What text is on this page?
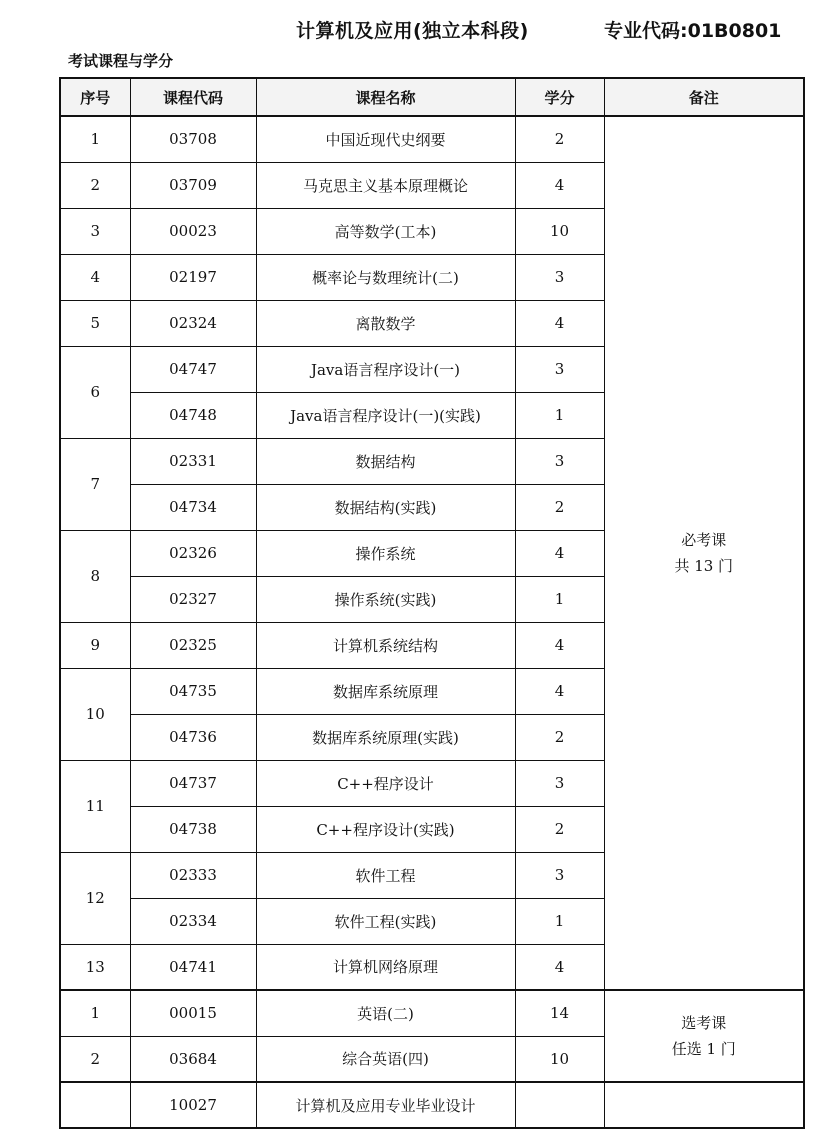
计算机及应用(独立本科段)	专业代码:01B0801
考试课程与学分
序号	课程代码	课程名称	学分	备注
1	03708	中国近现代史纲要	2	必考课
共 13 门

2	03709	马克思主义基本原理概论	4	
3	00023	高等数学(工本)	10	
4	02197	概率论与数理统计(二)	3	
5	02324	离散数学	4	
6	04747	Java语言程序设计(一)	3	
	04748	Java语言程序设计(一)(实践)	1	
7	02331	数据结构	3	
	04734	数据结构(实践)	2	
8	02326	操作系统	4	
	02327	操作系统(实践)	1	
9	02325	计算机系统结构	4	
10	04735	数据库系统原理	4	
	04736	数据库系统原理(实践)	2	
11	04737	C++程序设计	3	
	04738	C++程序设计(实践)	2	
12	02333	软件工程	3	
	02334	软件工程(实践)	1	
13	04741	计算机网络原理	4	
1	00015	英语(二)	14	选考课
任选 1 门

2	03684	综合英语(四)	10	
	10027	计算机及应用专业毕业设计		
